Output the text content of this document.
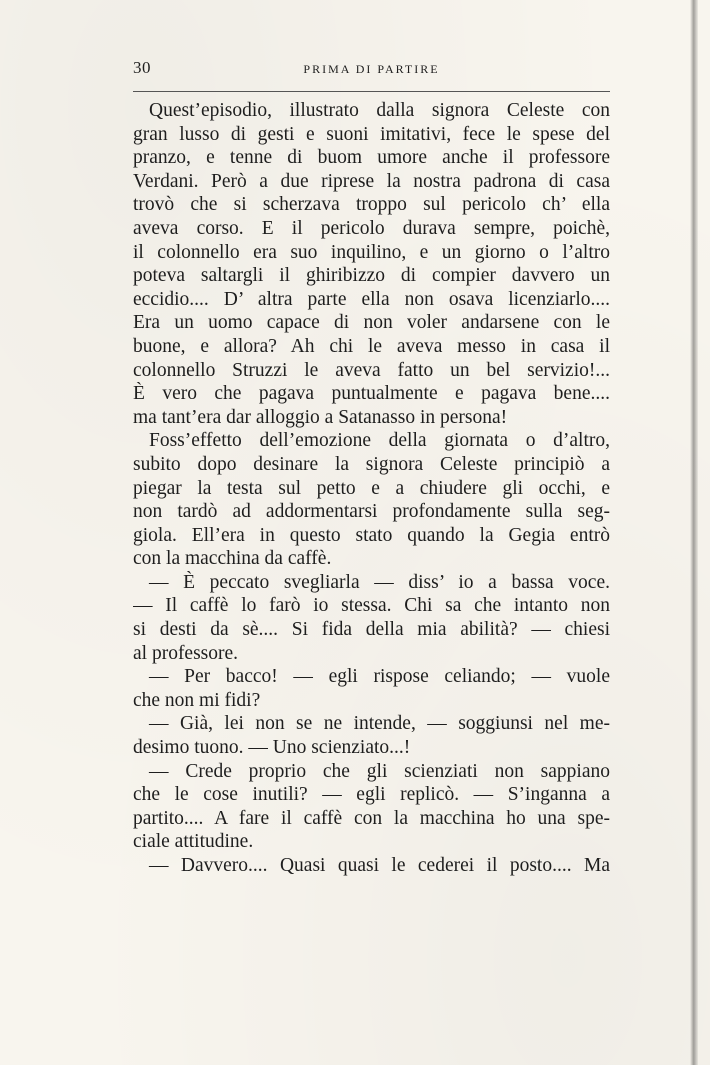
30	PRIMA DI PARTIRE
Quest’episodio, illustrato dalla signora Celeste con
gran lusso di gesti e suoni imitativi, fece le spese del
pranzo, e tenne di buom umore anche il professore
Verdani. Però a due riprese la nostra padrona di casa
trovò che si scherzava troppo sul pericolo ch’ ella
aveva corso. E il pericolo durava sempre, poichè,
il colonnello era suo inquilino, e un giorno o l’altro
poteva saltargli il ghiribizzo di compier davvero un
eccidio.... D’ altra parte ella non osava licenziarlo....
Era un uomo capace di non voler andarsene con le
buone, e allora? Ah chi le aveva messo in casa il
colonnello Struzzi le aveva fatto un bel servizio!...
È vero che pagava puntualmente e pagava bene....
ma tant’era dar alloggio a Satanasso in persona!
Foss’effetto dell’emozione della giornata o d’altro,
subito dopo desinare la signora Celeste principiò a
piegar la testa sul petto e a chiudere gli occhi, e
non tardò ad addormentarsi profondamente sulla seg-
giola. Ell’era in questo stato quando la Gegia entrò
con la macchina da caffè.
— È peccato svegliarla — diss’ io a bassa voce.
— Il caffè lo farò io stessa. Chi sa che intanto non
si desti da sè.... Si fida della mia abilità? — chiesi
al professore.
— Per bacco! — egli rispose celiando; — vuole
che non mi fidi?
— Già, lei non se ne intende, — soggiunsi nel me-
desimo tuono. — Uno scienziato...!
— Crede proprio che gli scienziati non sappiano
che le cose inutili? — egli replicò. — S’inganna a
partito.... A fare il caffè con la macchina ho una spe-
ciale attitudine.
— Davvero.... Quasi quasi le cederei il posto.... Ma
